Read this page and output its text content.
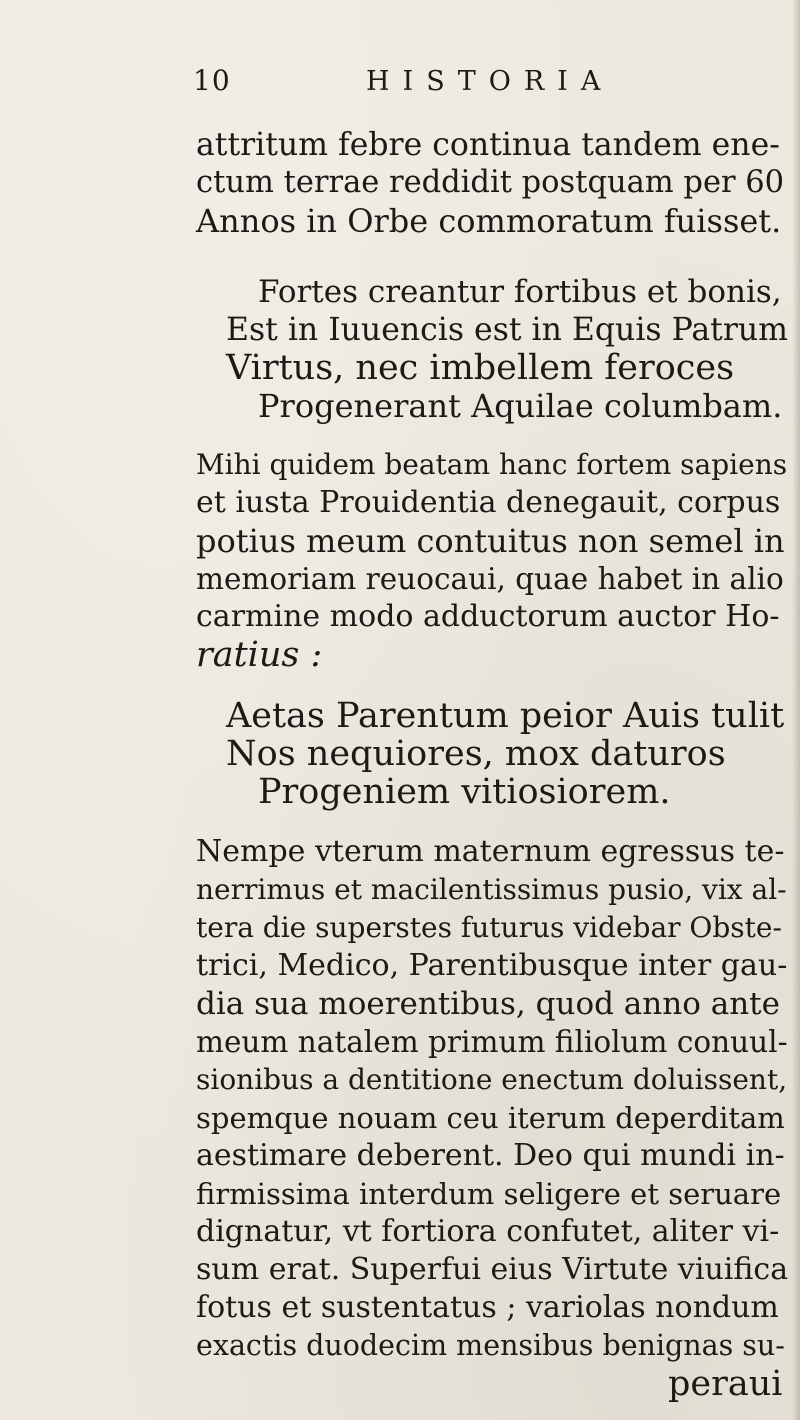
10	HISTORIA
attritum febre continua tandem ene-
ctum terrae reddidit postquam per 60
Annos in Orbe commoratum fuisset.
Fortes creantur fortibus et bonis,
Est in Iuuencis est in Equis Patrum
Virtus, nec imbellem feroces
Progenerant Aquilae columbam.
Mihi quidem beatam hanc fortem sapiens
et iusta Prouidentia denegauit, corpus
potius meum contuitus non semel in
memoriam reuocaui, quae habet in alio
carmine modo adductorum auctor Ho-
ratius :
Aetas Parentum peior Auis tulit
Nos nequiores, mox daturos
Progeniem vitiosiorem.
Nempe vterum maternum egressus te-
nerrimus et macilentissimus pusio, vix al-
tera die superstes futurus videbar Obste-
trici, Medico, Parentibusque inter gau-
dia sua moerentibus, quod anno ante
meum natalem primum filiolum conuul-
sionibus a dentitione enectum doluissent,
spemque nouam ceu iterum deperditam
aestimare deberent. Deo qui mundi in-
firmissima interdum seligere et seruare
dignatur, vt fortiora confutet, aliter vi-
sum erat. Superfui eius Virtute viuifica
fotus et sustentatus ; variolas nondum
exactis duodecim mensibus benignas su-
peraui
